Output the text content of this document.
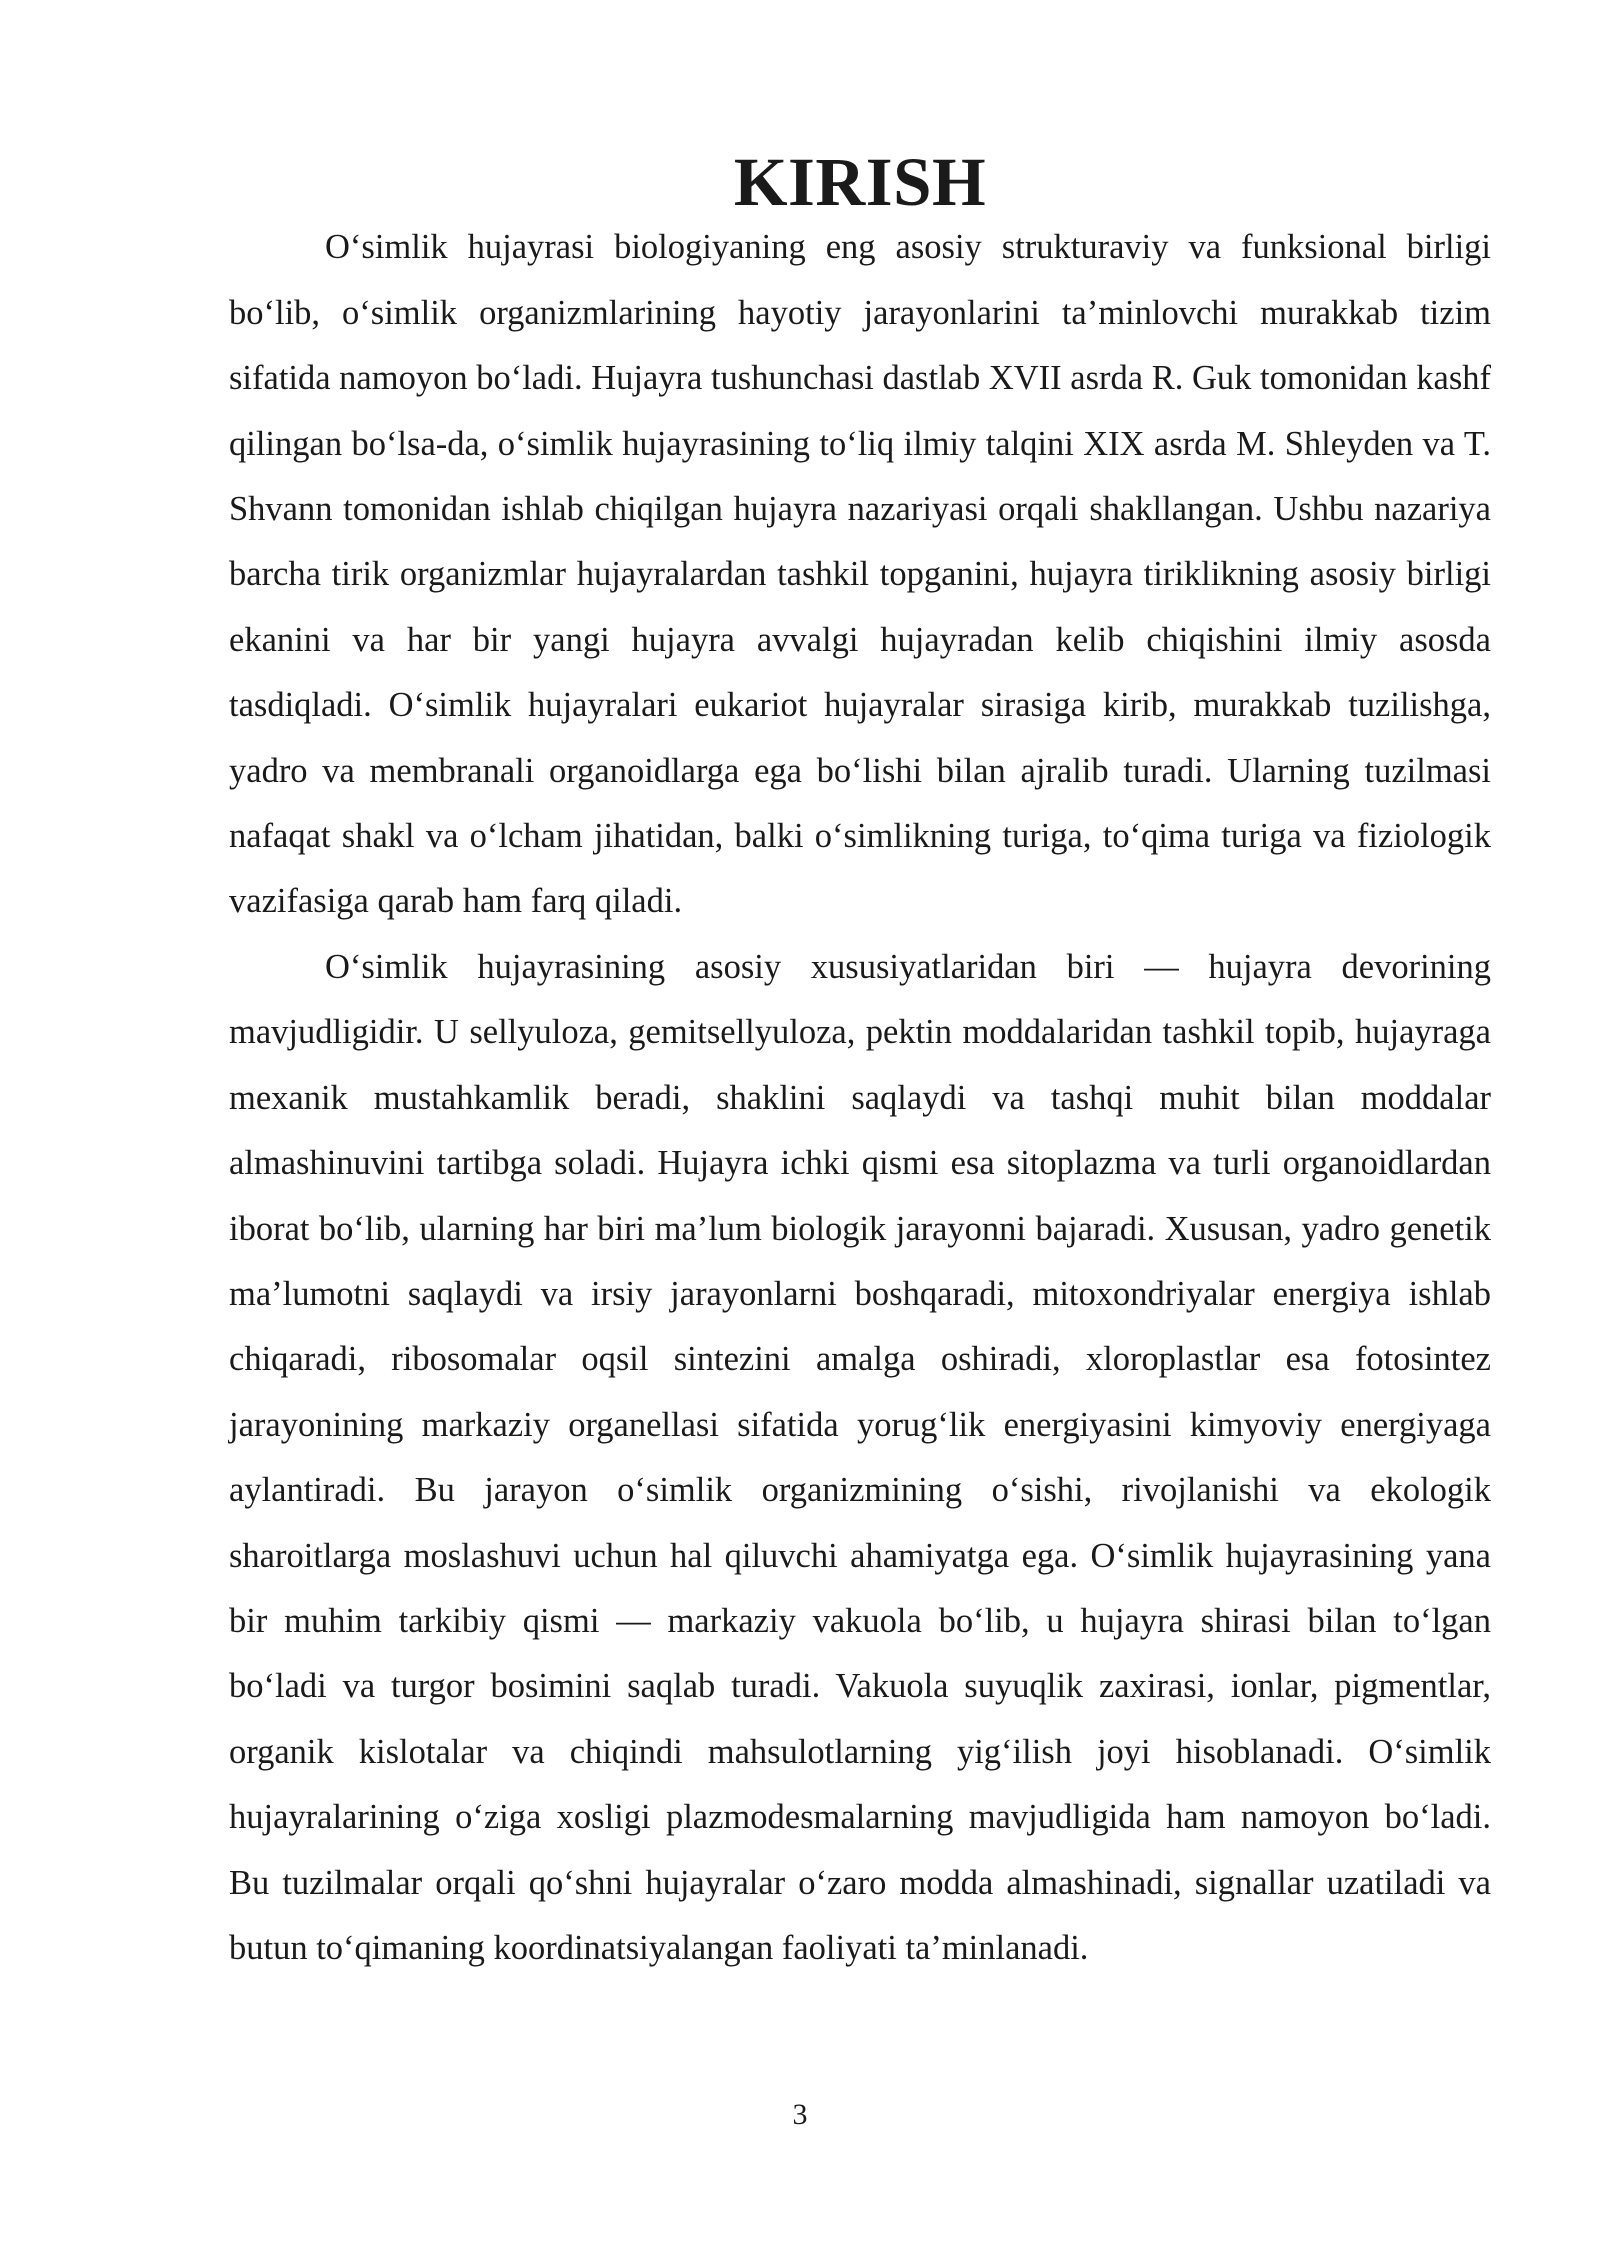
KIRISH

O‘simlik hujayrasi biologiyaning eng asosiy strukturaviy va funksional birligi bo‘lib, o‘simlik organizmlarining hayotiy jarayonlarini ta’minlovchi murakkab tizim sifatida namoyon bo‘ladi. Hujayra tushunchasi dastlab XVII asrda R. Guk tomonidan kashf qilingan bo‘lsa-da, o‘simlik hujayrasining to‘liq ilmiy talqini XIX asrda M. Shleyden va T. Shvann tomonidan ishlab chiqilgan hujayra nazariyasi orqali shakllangan. Ushbu nazariya barcha tirik organizmlar hujayralardan tashkil topganini, hujayra tiriklikning asosiy birligi ekanini va har bir yangi hujayra avvalgi hujayradan kelib chiqishini ilmiy asosda tasdiqladi. O‘simlik hujayralari eukariot hujayralar sirasiga kirib, murakkab tuzilishga, yadro va membranali organoidlarga ega bo‘lishi bilan ajralib turadi. Ularning tuzilmasi nafaqat shakl va o‘lcham jihatidan, balki o‘simlikning turiga, to‘qima turiga va fiziologik vazifasiga qarab ham farq qiladi.

O‘simlik hujayrasining asosiy xususiyatlaridan biri — hujayra devorining mavjudligidir. U sellyuloza, gemitsellyuloza, pektin moddalaridan tashkil topib, hujayraga mexanik mustahkamlik beradi, shaklini saqlaydi va tashqi muhit bilan moddalar almashinuvini tartibga soladi. Hujayra ichki qismi esa sitoplazma va turli organoidlardan iborat bo‘lib, ularning har biri ma’lum biologik jarayonni bajaradi. Xususan, yadro genetik ma’lumotni saqlaydi va irsiy jarayonlarni boshqaradi, mitoxondriyalar energiya ishlab chiqaradi, ribosomalar oqsil sintezini amalga oshiradi, xloroplastlar esa fotosintez jarayonining markaziy organellasi sifatida yorug‘lik energiyasini kimyoviy energiyaga aylantiradi. Bu jarayon o‘simlik organizmining o‘sishi, rivojlanishi va ekologik sharoitlarga moslashuvi uchun hal qiluvchi ahamiyatga ega. O‘simlik hujayrasining yana bir muhim tarkibiy qismi — markaziy vakuola bo‘lib, u hujayra shirasi bilan to‘lgan bo‘ladi va turgor bosimini saqlab turadi. Vakuola suyuqlik zaxirasi, ionlar, pigmentlar, organik kislotalar va chiqindi mahsulotlarning yig‘ilish joyi hisoblanadi. O‘simlik hujayralarining o‘ziga xosligi plazmodesmalarning mavjudligida ham namoyon bo‘ladi. Bu tuzilmalar orqali qo‘shni hujayralar o‘zaro modda almashinadi, signallar uzatiladi va butun to‘qimaning koordinatsiyalangan faoliyati ta’minlanadi.

3
